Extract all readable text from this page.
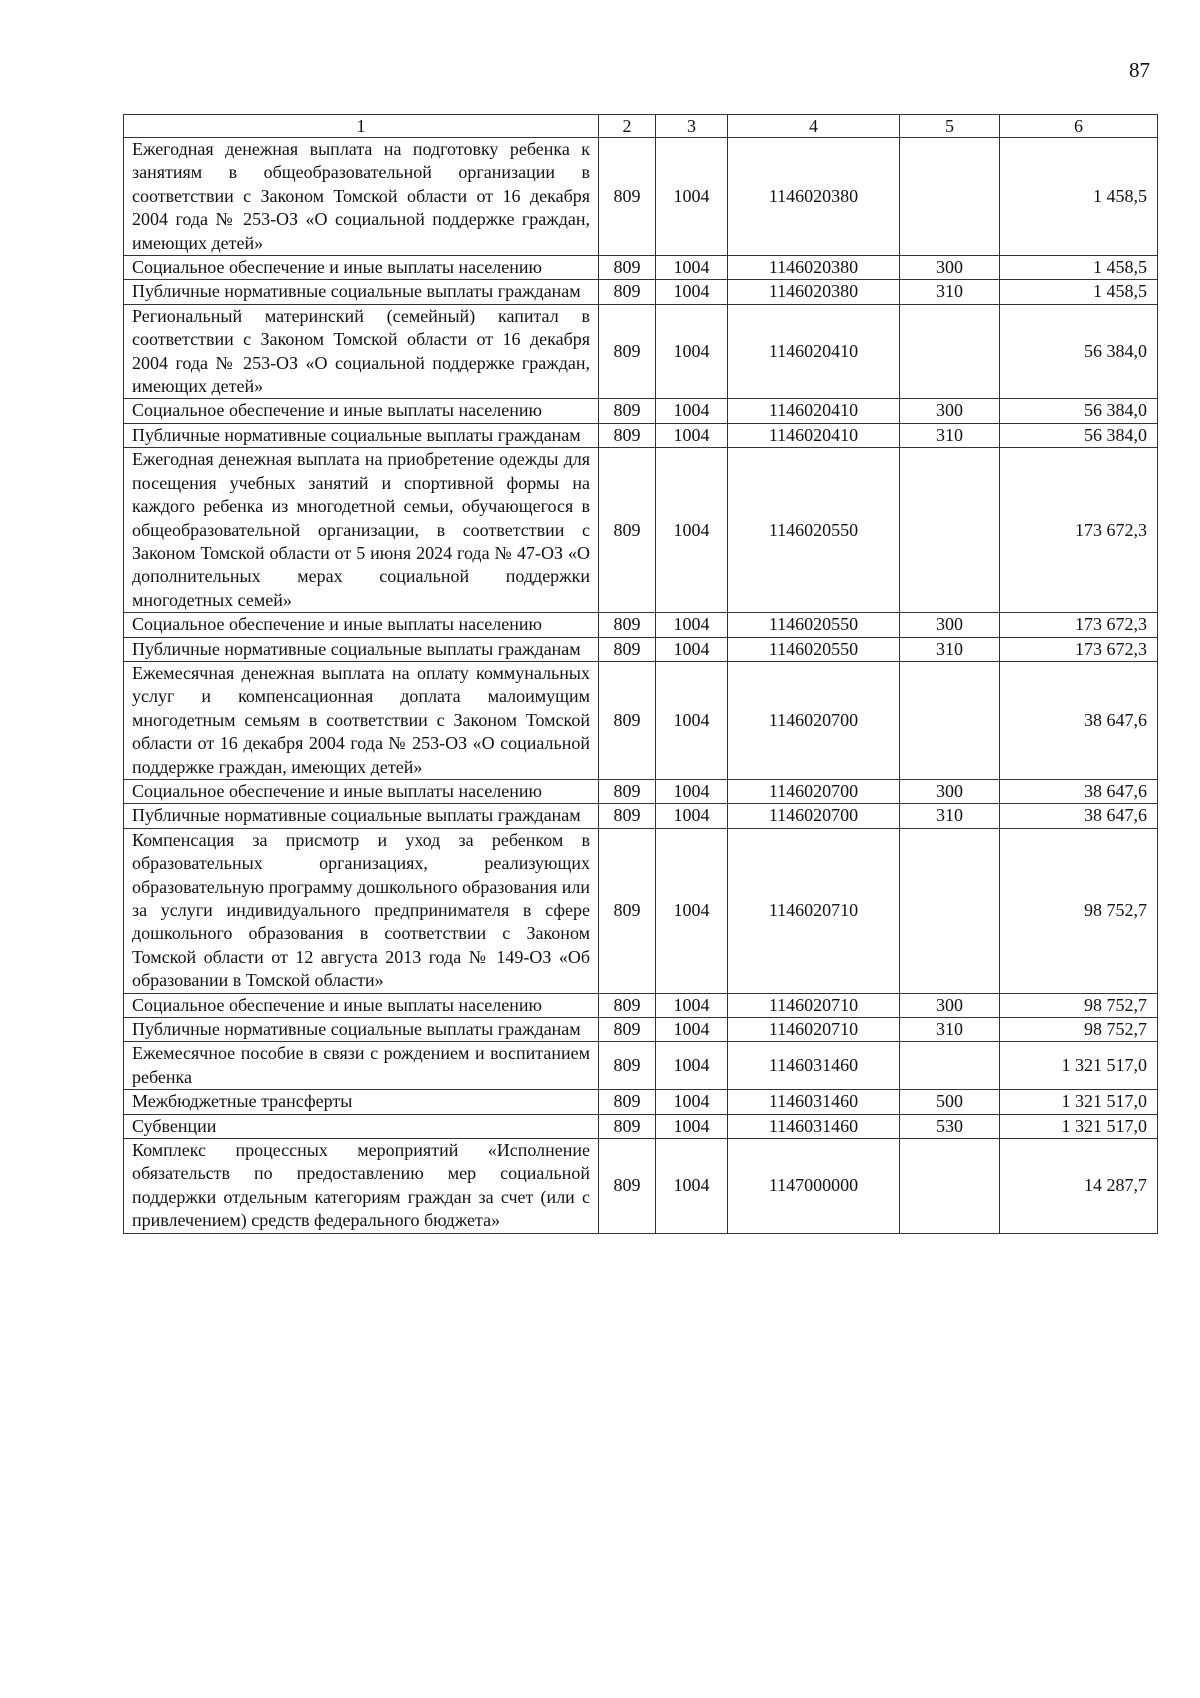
87
1	2	3	4	5	6
Ежегодная денежная выплата на подготовку ребенка к занятиям в общеобразовательной организации в соответствии с Законом Томской области от 16 декабря 2004 года № 253-ОЗ «О социальной поддержке граждан, имеющих детей»	809	1004	1146020380		1 458,5
Социальное обеспечение и иные выплаты населению	809	1004	1146020380	300	1 458,5
Публичные нормативные социальные выплаты гражданам	809	1004	1146020380	310	1 458,5
Региональный материнский (семейный) капитал в соответствии с Законом Томской области от 16 декабря 2004 года № 253-ОЗ «О социальной поддержке граждан, имеющих детей»	809	1004	1146020410		56 384,0
Социальное обеспечение и иные выплаты населению	809	1004	1146020410	300	56 384,0
Публичные нормативные социальные выплаты гражданам	809	1004	1146020410	310	56 384,0
Ежегодная денежная выплата на приобретение одежды для посещения учебных занятий и спортивной формы на каждого ребенка из многодетной семьи, обучающегося в общеобразовательной организации, в соответствии с Законом Томской области от 5 июня 2024 года № 47-ОЗ «О дополнительных мерах социальной поддержки многодетных семей»	809	1004	1146020550		173 672,3
Социальное обеспечение и иные выплаты населению	809	1004	1146020550	300	173 672,3
Публичные нормативные социальные выплаты гражданам	809	1004	1146020550	310	173 672,3
Ежемесячная денежная выплата на оплату коммунальных услуг и компенсационная доплата малоимущим многодетным семьям в соответствии с Законом Томской области от 16 декабря 2004 года № 253-ОЗ «О социальной поддержке граждан, имеющих детей»	809	1004	1146020700		38 647,6
Социальное обеспечение и иные выплаты населению	809	1004	1146020700	300	38 647,6
Публичные нормативные социальные выплаты гражданам	809	1004	1146020700	310	38 647,6
Компенсация за присмотр и уход за ребенком в образовательных организациях, реализующих образовательную программу дошкольного образования или за услуги индивидуального предпринимателя в сфере дошкольного образования в соответствии с Законом Томской области от 12 августа 2013 года № 149-ОЗ «Об образовании в Томской области»	809	1004	1146020710		98 752,7
Социальное обеспечение и иные выплаты населению	809	1004	1146020710	300	98 752,7
Публичные нормативные социальные выплаты гражданам	809	1004	1146020710	310	98 752,7
Ежемесячное пособие в связи с рождением и воспитанием ребенка	809	1004	1146031460		1 321 517,0
Межбюджетные трансферты	809	1004	1146031460	500	1 321 517,0
Субвенции	809	1004	1146031460	530	1 321 517,0
Комплекс процессных мероприятий «Исполнение обязательств по предоставлению мер социальной поддержки отдельным категориям граждан за счет (или с привлечением) средств федерального бюджета»	809	1004	1147000000		14 287,7
